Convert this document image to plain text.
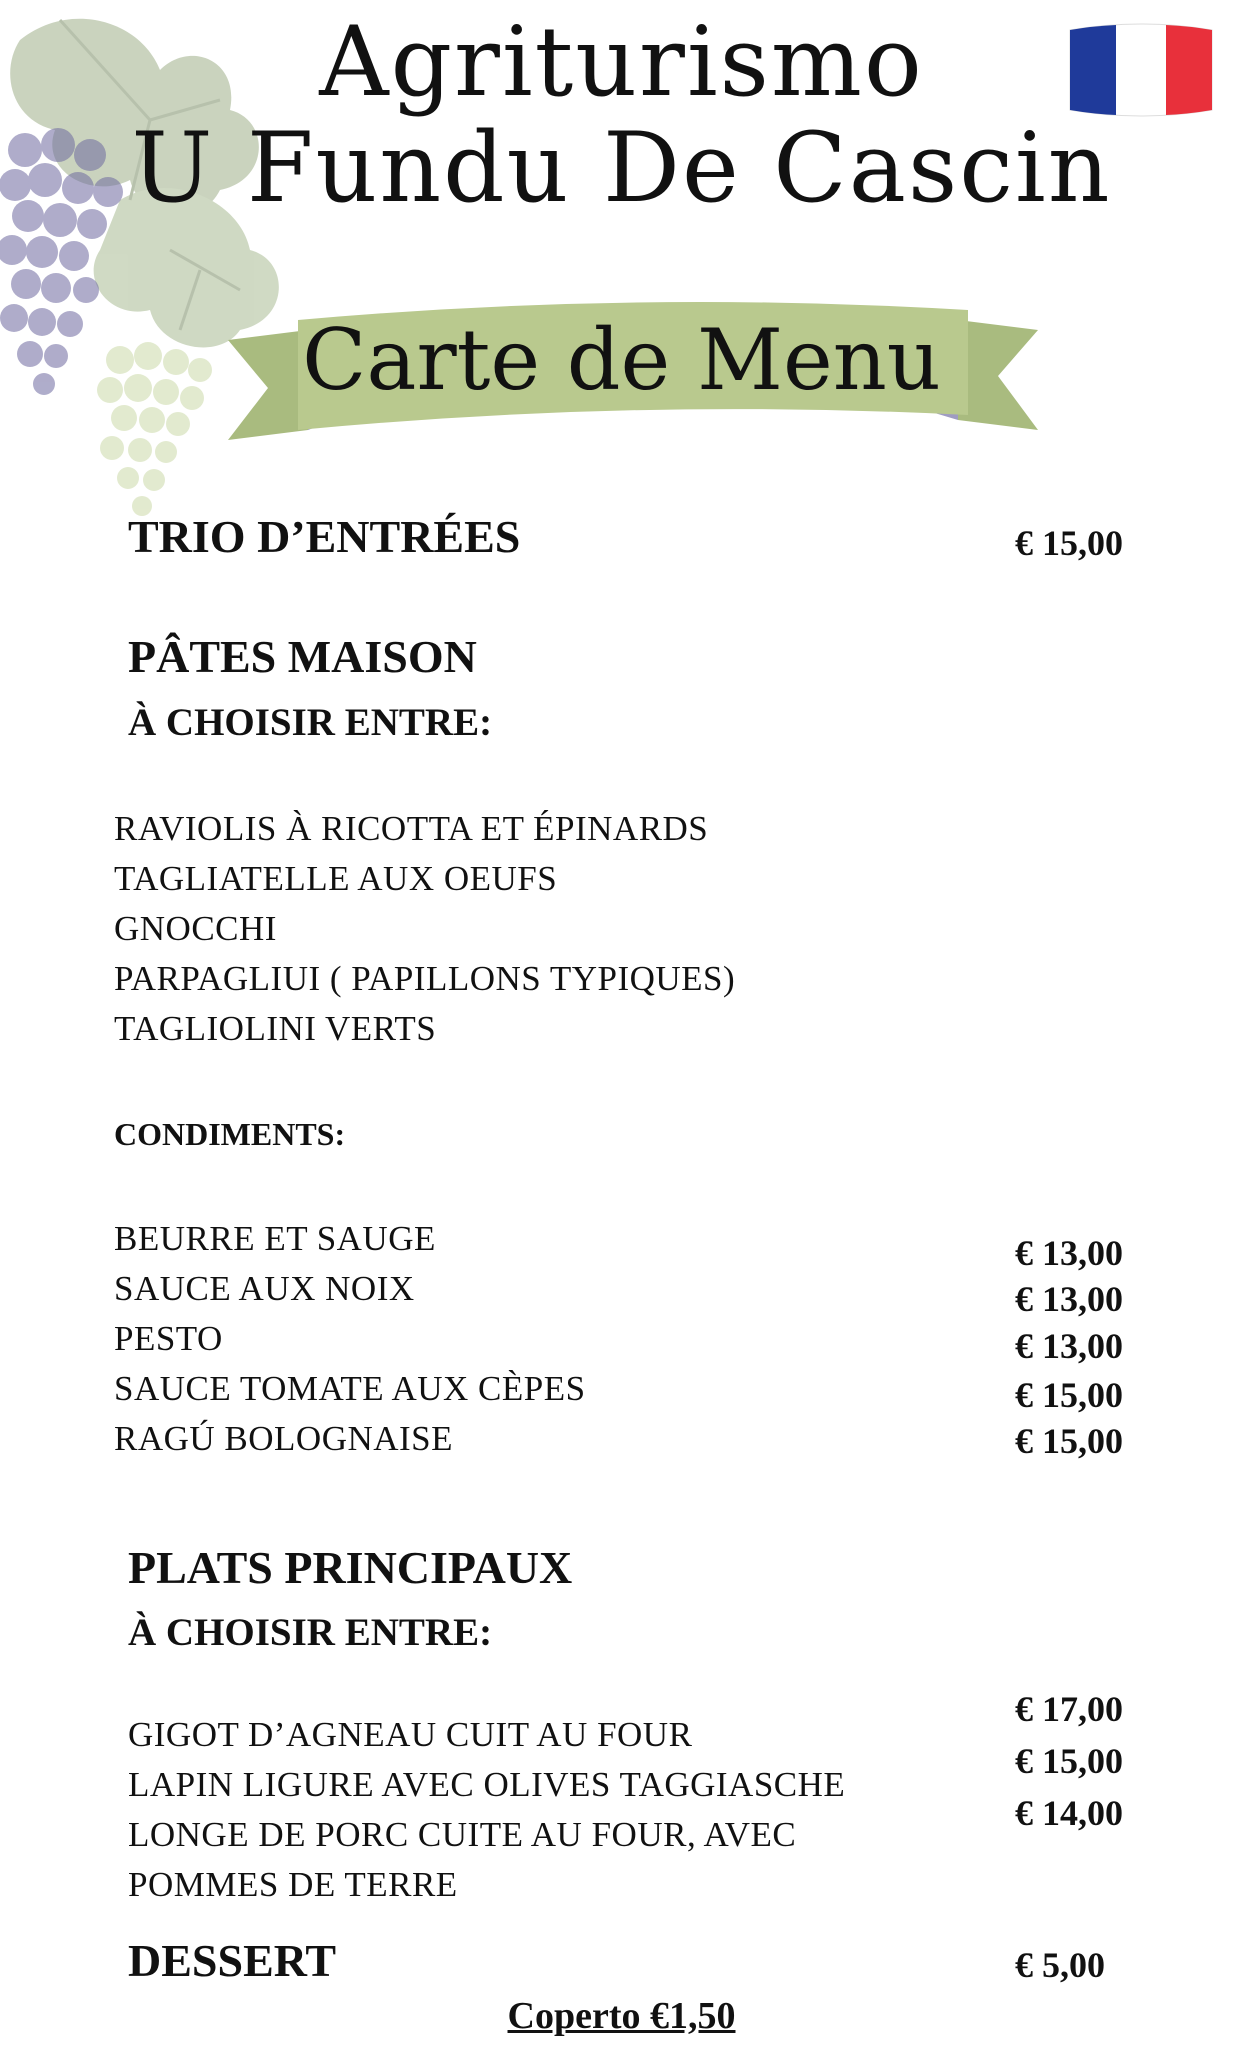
Agriturismo
U Fundu De Cascin
Carte de Menu
TRIO D’ENTRÉES	€ 15,00
PÂTES MAISON
À CHOISIR ENTRE:
RAVIOLIS À RICOTTA ET ÉPINARDS
TAGLIATELLE AUX OEUFS
GNOCCHI
PARPAGLIUI ( PAPILLONS TYPIQUES)
TAGLIOLINI VERTS
CONDIMENTS:
BEURRE ET SAUGE
SAUCE AUX NOIX
PESTO
SAUCE TOMATE AUX CÈPES
RAGÚ BOLOGNAISE
€ 13,00
€ 13,00
€ 13,00
€ 15,00
€ 15,00
PLATS PRINCIPAUX
À CHOISIR ENTRE:
GIGOT D’AGNEAU CUIT AU FOUR
LAPIN LIGURE AVEC OLIVES TAGGIASCHE
LONGE DE PORC CUITE AU FOUR, AVEC
POMMES DE TERRE
€ 17,00
€ 15,00
€ 14,00
DESSERT	€ 5,00
Coperto €1,50
